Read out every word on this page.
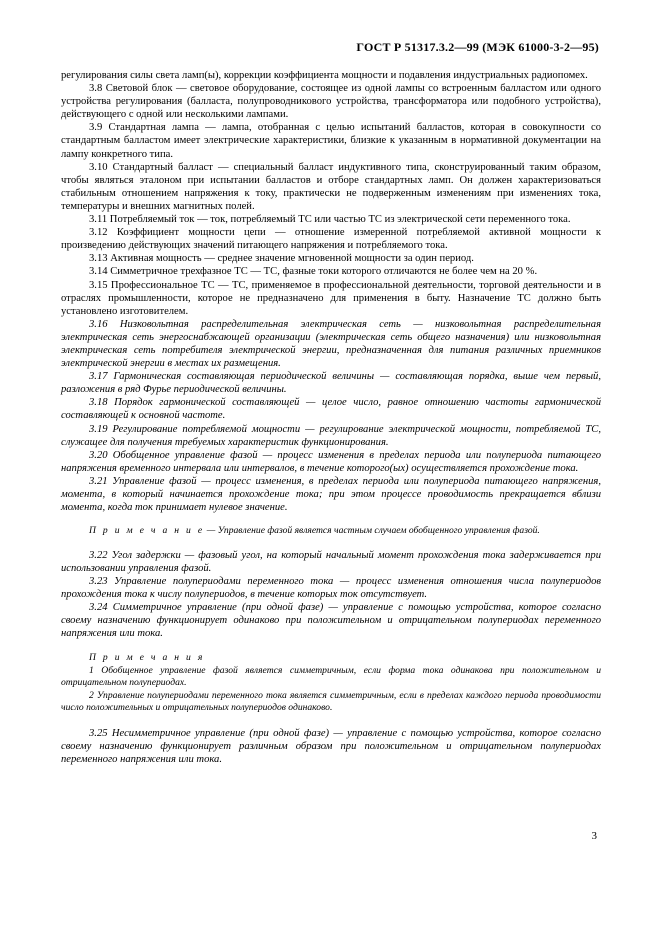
ГОСТ Р 51317.3.2—99 (МЭК 61000-3-2—95)

регулирования силы света ламп(ы), коррекции коэффициента мощности и подавления индустриальных радиопомех.

3.8 Световой блок — световое оборудование, состоящее из одной лампы со встроенным балластом или одного устройства регулирования (балласта, полупроводникового устройства, трансформатора или подобного устройства), действующего с одной или несколькими лампами.

3.9 Стандартная лампа — лампа, отобранная с целью испытаний балластов, которая в совокупности со стандартным балластом имеет электрические характеристики, близкие к указанным в нормативной документации на лампу конкретного типа.

3.10 Стандартный балласт — специальный балласт индуктивного типа, сконструированный таким образом, чтобы являться эталоном при испытании балластов и отборе стандартных ламп. Он должен характеризоваться стабильным отношением напряжения к току, практически не подверженным изменениям при изменениях тока, температуры и внешних магнитных полей.

3.11 Потребляемый ток — ток, потребляемый ТС или частью ТС из электрической сети переменного тока.

3.12 Коэффициент мощности цепи — отношение измеренной потребляемой активной мощности к произведению действующих значений питающего напряжения и потребляемого тока.

3.13 Активная мощность — среднее значение мгновенной мощности за один период.

3.14 Симметричное трехфазное ТС — ТС, фазные токи которого отличаются не более чем на 20 %.

3.15 Профессиональное ТС — ТС, применяемое в профессиональной деятельности, торговой деятельности и в отраслях промышленности, которое не предназначено для применения в быту. Назначение ТС должно быть установлено изготовителем.

3.16 Низковольтная распределительная электрическая сеть — низковольтная распределительная электрическая сеть энергоснабжающей организации (электрическая сеть общего назначения) или низковольтная электрическая сеть потребителя электрической энергии, предназначенная для питания различных приемников электрической энергии в местах их размещения.

3.17 Гармоническая составляющая периодической величины — составляющая порядка, выше чем первый, разложения в ряд Фурье периодической величины.

3.18 Порядок гармонической составляющей — целое число, равное отношению частоты гармонической составляющей к основной частоте.

3.19 Регулирование потребляемой мощности — регулирование электрической мощности, потребляемой ТС, служащее для получения требуемых характеристик функционирования.

3.20 Обобщенное управление фазой — процесс изменения в пределах периода или полупериода питающего напряжения временного интервала или интервалов, в течение которого(ых) осуществляется прохождение тока.

3.21 Управление фазой — процесс изменения, в пределах периода или полупериода питающего напряжения, момента, в который начинается прохождение тока; при этом процессе проводимость прекращается вблизи момента, когда ток принимает нулевое значение.

П р и м е ч а н и е — Управление фазой является частным случаем обобщенного управления фазой.

3.22 Угол задержки — фазовый угол, на который начальный момент прохождения тока задерживается при использовании управления фазой.

3.23 Управление полупериодами переменного тока — процесс изменения отношения числа полупериодов прохождения тока к числу полупериодов, в течение которых ток отсутствует.

3.24 Симметричное управление (при одной фазе) — управление с помощью устройства, которое согласно своему назначению функционирует одинаково при положительном и отрицательном полупериодах переменного напряжения или тока.

П р и м е ч а н и я

1 Обобщенное управление фазой является симметричным, если форма тока одинакова при положительном и отрицательном полупериодах.

2 Управление полупериодами переменного тока является симметричным, если в пределах каждого периода проводимости число положительных и отрицательных полупериодов одинаково.

3.25 Несимметричное управление (при одной фазе) — управление с помощью устройства, которое согласно своему назначению функционирует различным образом при положительном и отрицательном полупериодах переменного напряжения или тока.

3
